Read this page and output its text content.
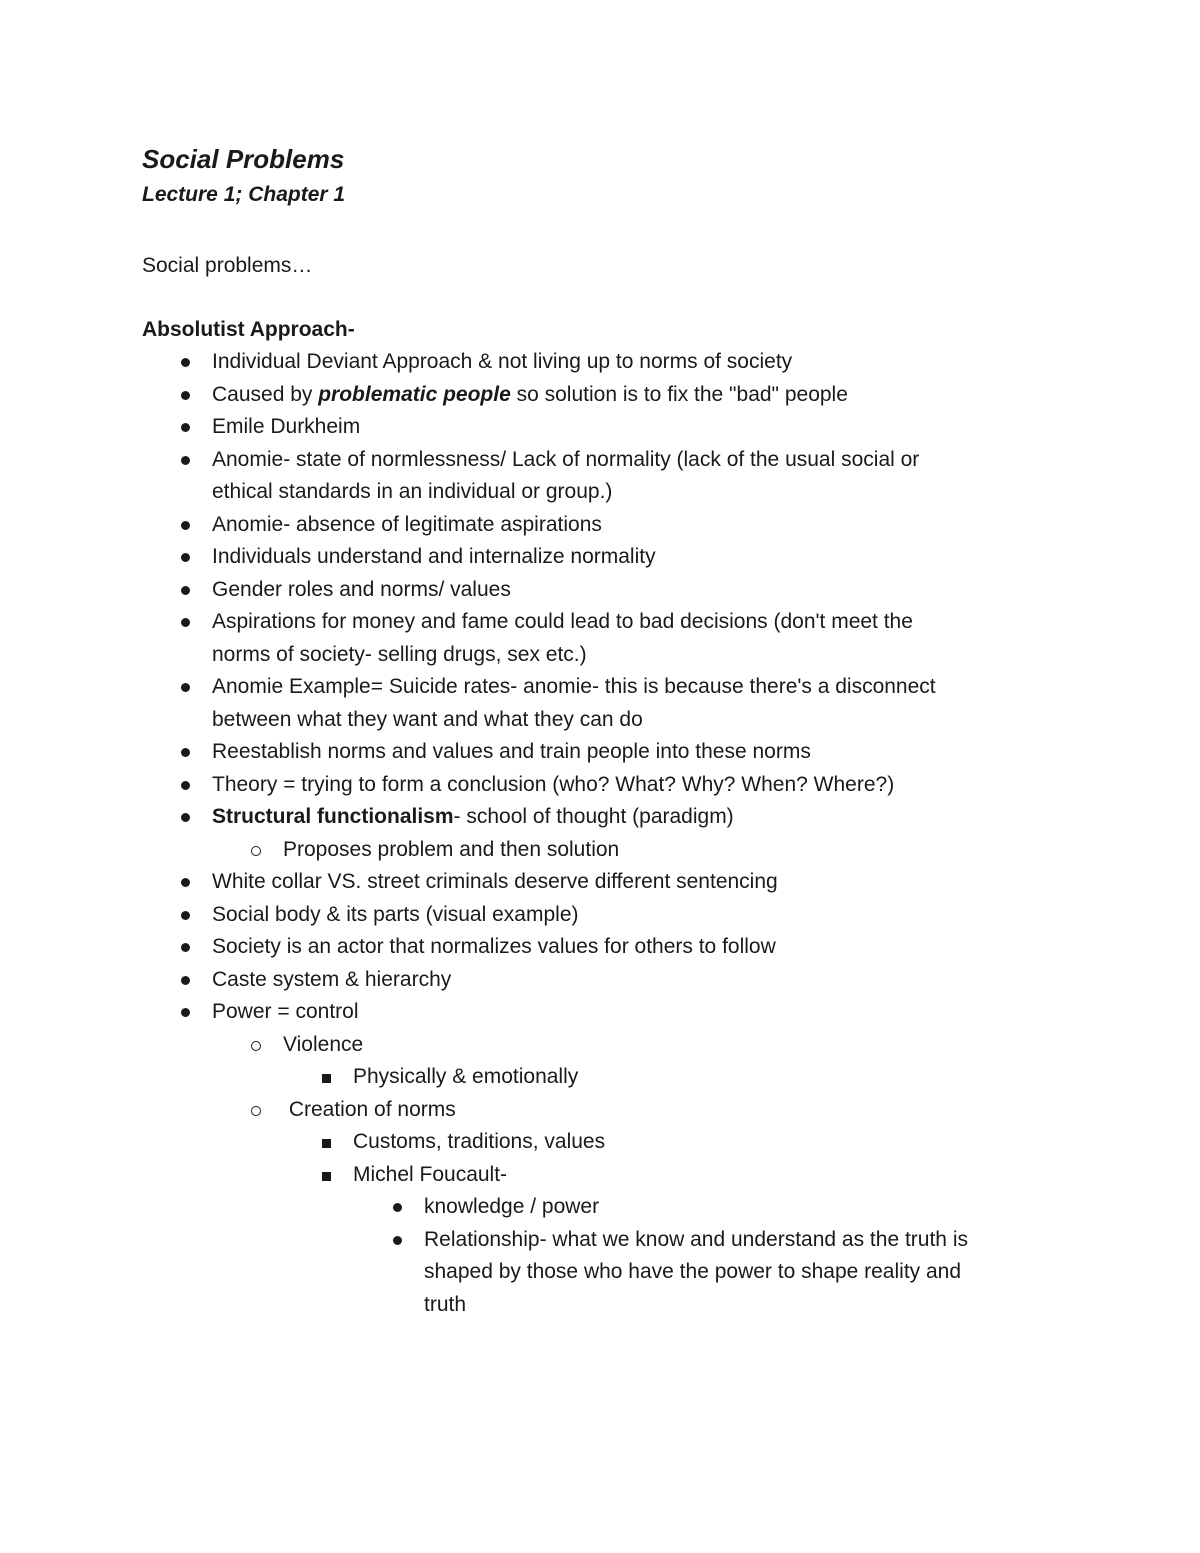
Social Problems
Lecture 1; Chapter 1

Social problems…

Absolutist Approach-

Individual Deviant Approach & not living up to norms of society
Caused by problematic people so solution is to fix the "bad" people
Emile Durkheim
Anomie- state of normlessness/ Lack of normality (lack of the usual social or
ethical standards in an individual or group.)
Anomie- absence of legitimate aspirations
Individuals understand and internalize normality
Gender roles and norms/ values
Aspirations for money and fame could lead to bad decisions (don't meet the
norms of society- selling drugs, sex etc.)
Anomie Example= Suicide rates- anomie- this is because there's a disconnect
between what they want and what they can do
Reestablish norms and values and train people into these norms
Theory = trying to form a conclusion (who? What? Why? When? Where?)
Structural functionalism- school of thought (paradigm)
Proposes problem and then solution
White collar VS. street criminals deserve different sentencing
Social body & its parts (visual example)
Society is an actor that normalizes values for others to follow
Caste system & hierarchy
Power = control
Violence
Physically & emotionally
Creation of norms
Customs, traditions, values
Michel Foucault-
knowledge / power
Relationship- what we know and understand as the truth is
shaped by those who have the power to shape reality and
truth
